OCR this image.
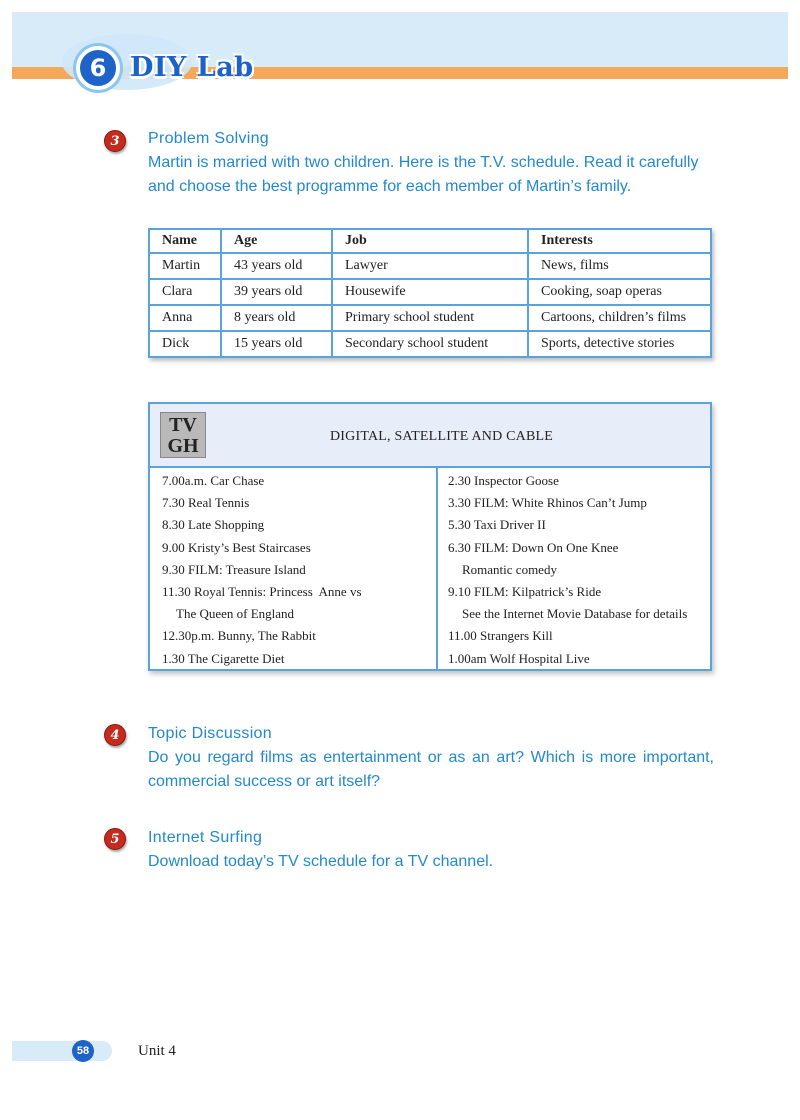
6 DIY Lab
3	Problem Solving
Martin is married with two children. Here is the T.V. schedule. Read it carefully and choose the best programme for each member of Martin’s family.
Name	Age	Job	Interests
Martin	43 years old	Lawyer	News, films
Clara	39 years old	Housewife	Cooking, soap operas
Anna	8 years old	Primary school student	Cartoons, children’s films
Dick	15 years old	Secondary school student	Sports, detective stories
TV
GH	DIGITAL, SATELLITE AND CABLE
7.00a.m. Car Chase
7.30 Real Tennis
8.30 Late Shopping
9.00 Kristy’s Best Staircases
9.30 FILM: Treasure Island
11.30 Royal Tennis: Princess  Anne vs
The Queen of England
12.30p.m. Bunny, The Rabbit
1.30 The Cigarette Diet
2.30 Inspector Goose
3.30 FILM: White Rhinos Can’t Jump
5.30 Taxi Driver II
6.30 FILM: Down On One Knee
Romantic comedy
9.10 FILM: Kilpatrick’s Ride
See the Internet Movie Database for details
11.00 Strangers Kill
1.00am Wolf Hospital Live
4	Topic Discussion
Do you regard films as entertainment or as an art? Which is more important, commercial success or art itself?
5	Internet Surfing
Download today’s TV schedule for a TV channel.
58	Unit 4
